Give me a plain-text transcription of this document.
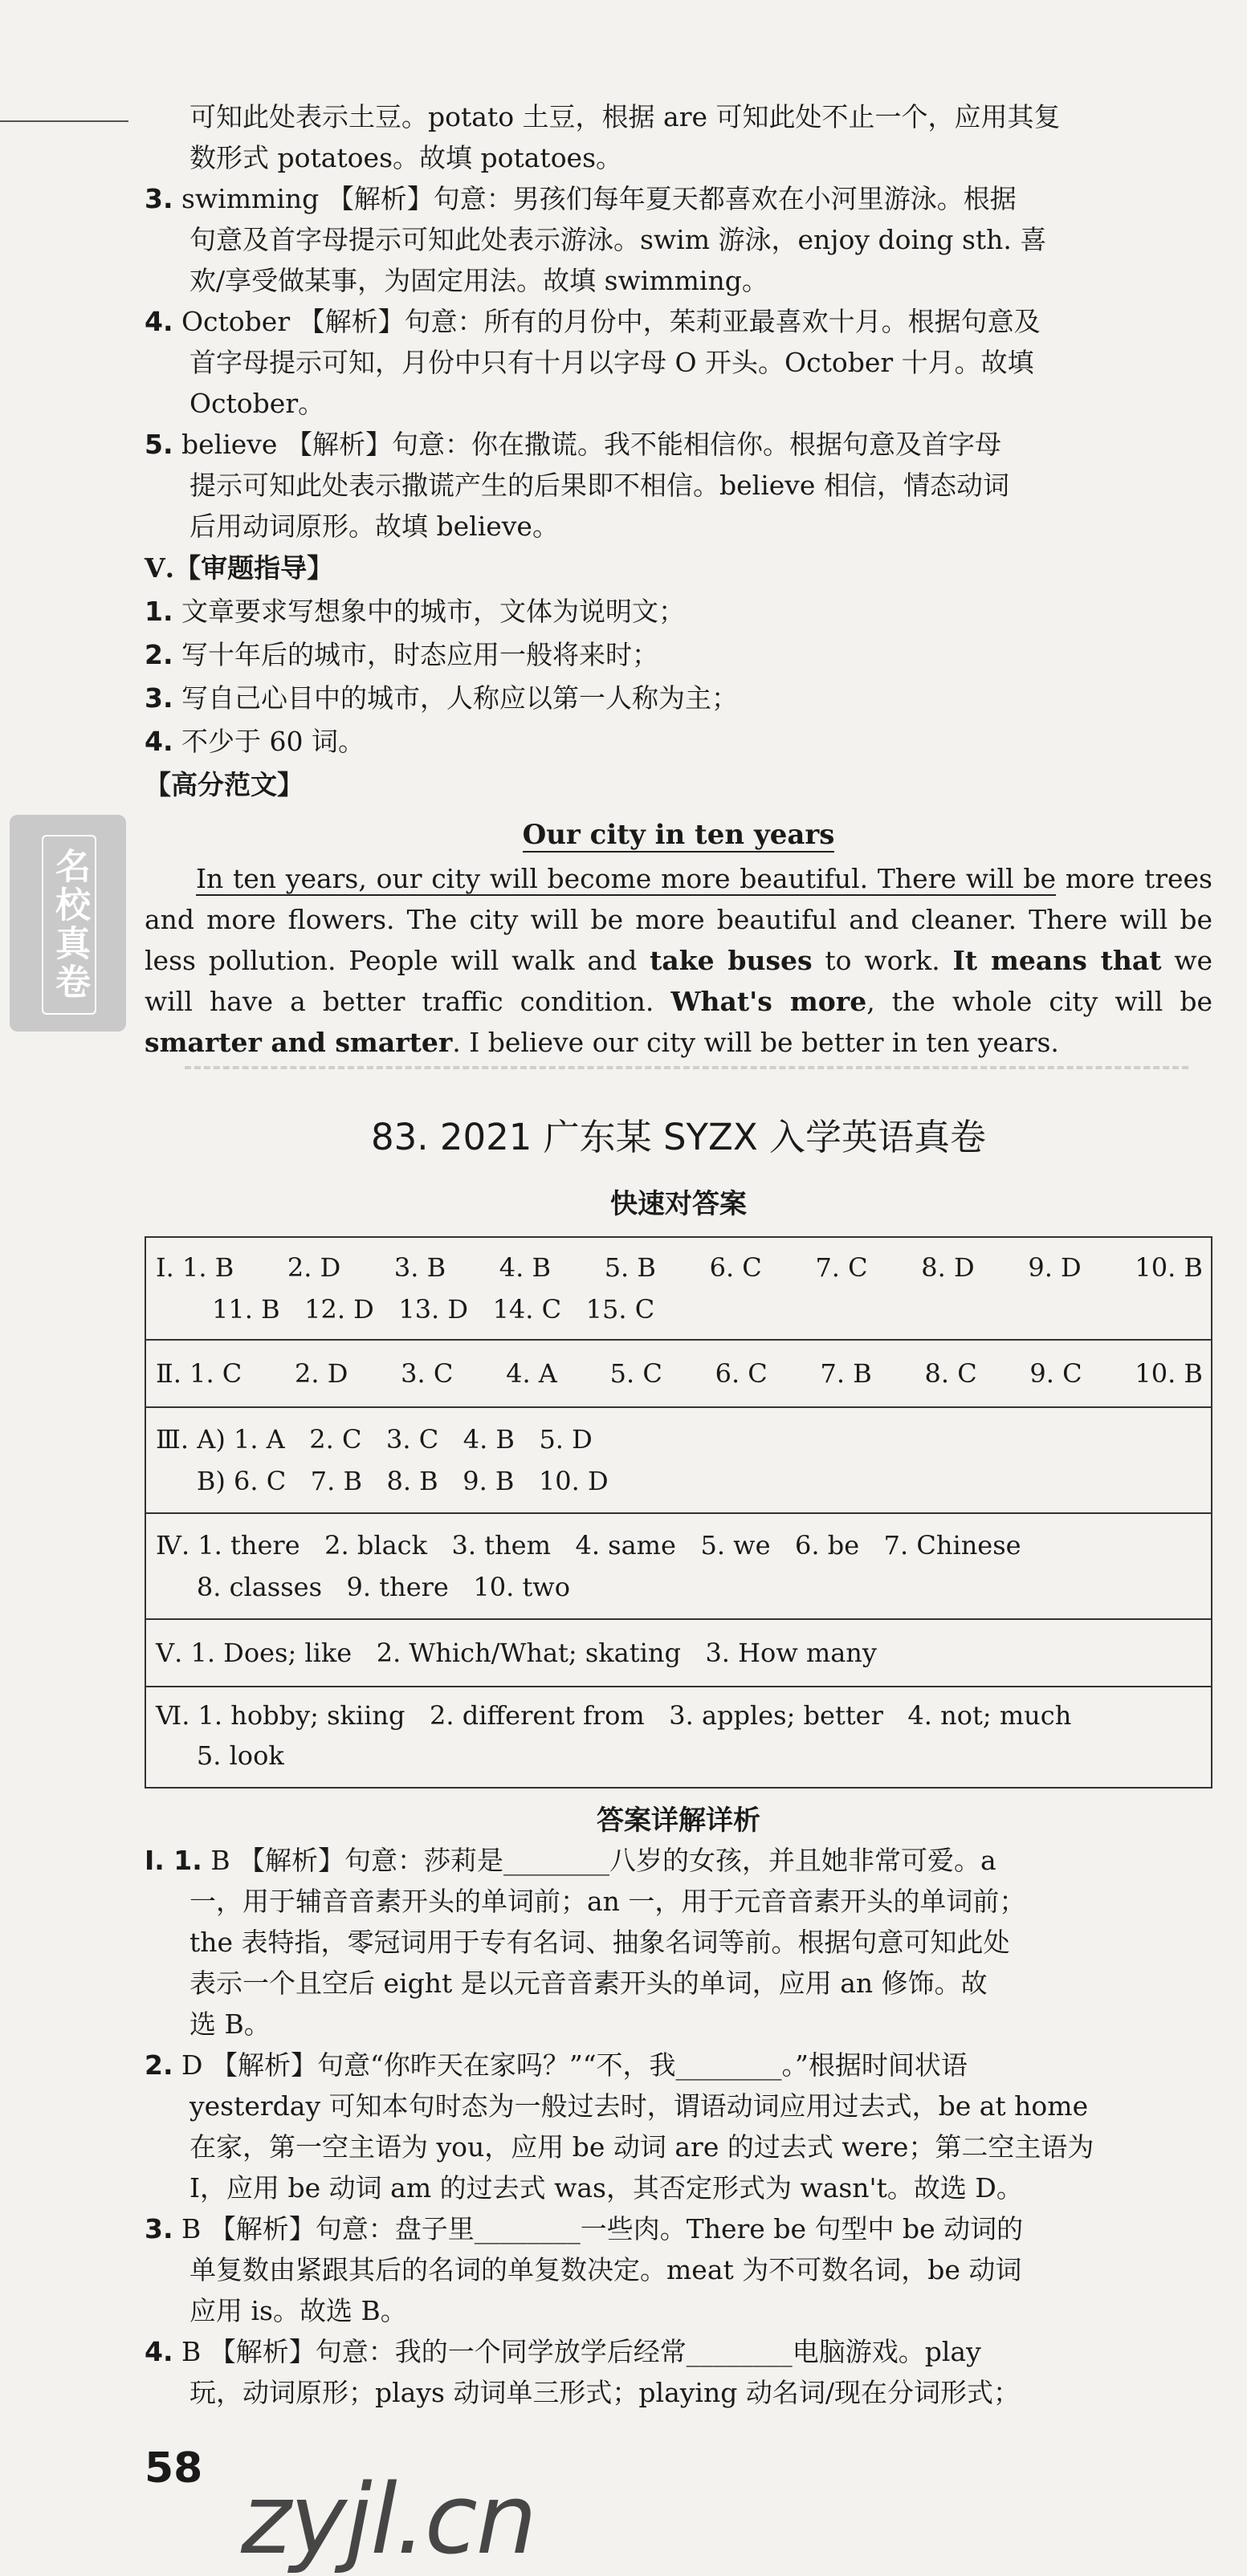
名校真卷

可知此处表示土豆。potato 土豆，根据 are 可知此处不止一个，应用其复

数形式 potatoes。故填 potatoes。

3. swimming 【解析】句意：男孩们每年夏天都喜欢在小河里游泳。根据

句意及首字母提示可知此处表示游泳。swim 游泳，enjoy doing sth. 喜

欢/享受做某事，为固定用法。故填 swimming。

4. October 【解析】句意：所有的月份中，茱莉亚最喜欢十月。根据句意及

首字母提示可知，月份中只有十月以字母 O 开头。October 十月。故填

October。

5. believe 【解析】句意：你在撒谎。我不能相信你。根据句意及首字母

提示可知此处表示撒谎产生的后果即不相信。believe 相信，情态动词

后用动词原形。故填 believe。

Ⅴ.【审题指导】

1. 文章要求写想象中的城市，文体为说明文；

2. 写十年后的城市，时态应用一般将来时；

3. 写自己心目中的城市，人称应以第一人称为主；

4. 不少于 60 词。

【高分范文】

Our city in ten years

In ten years, our city will become more beautiful. There will be more trees and more flowers. The city will be more beautiful and cleaner. There will be less pollution. People will walk and take buses to work. It means that we will have a better traffic condition. What's more, the whole city will be smarter and smarter. I believe our city will be better in ten years.

83. 2021 广东某 SYZX 入学英语真卷
快速对答案
Ⅰ. 1. B 2. D 3. B 4. B 5. B 6. C 7. C 8. D 9. D 10. B
11. B   12. D   13. D   14. C   15. C
Ⅱ. 1. C 2. D 3. C 4. A 5. C 6. C 7. B 8. C 9. C 10. B
Ⅲ. A) 1. A   2. C   3. C   4. B   5. D
B) 6. C   7. B   8. B   9. B   10. D
Ⅳ. 1. there   2. black   3. them   4. same   5. we   6. be   7. Chinese
8. classes   9. there   10. two
Ⅴ. 1. Does; like   2. Which/What; skating   3. How many
Ⅵ. 1. hobby; skiing   2. different from   3. apples; better   4. not; much
5. look
答案详解详析

Ⅰ. 1. B 【解析】句意：莎莉是________八岁的女孩，并且她非常可爱。a

一，用于辅音音素开头的单词前；an 一，用于元音音素开头的单词前；

the 表特指，零冠词用于专有名词、抽象名词等前。根据句意可知此处

表示一个且空后 eight 是以元音音素开头的单词，应用 an 修饰。故

选 B。

2. D 【解析】句意“你昨天在家吗？”“不，我________。”根据时间状语

yesterday 可知本句时态为一般过去时，谓语动词应用过去式，be at home

在家，第一空主语为 you，应用 be 动词 are 的过去式 were；第二空主语为

I，应用 be 动词 am 的过去式 was，其否定形式为 wasn't。故选 D。

3. B 【解析】句意：盘子里________一些肉。There be 句型中 be 动词的

单复数由紧跟其后的名词的单复数决定。meat 为不可数名词，be 动词

应用 is。故选 B。

4. B 【解析】句意：我的一个同学放学后经常________电脑游戏。play

玩，动词原形；plays 动词单三形式；playing 动名词/现在分词形式；

58 zyjl.cn
